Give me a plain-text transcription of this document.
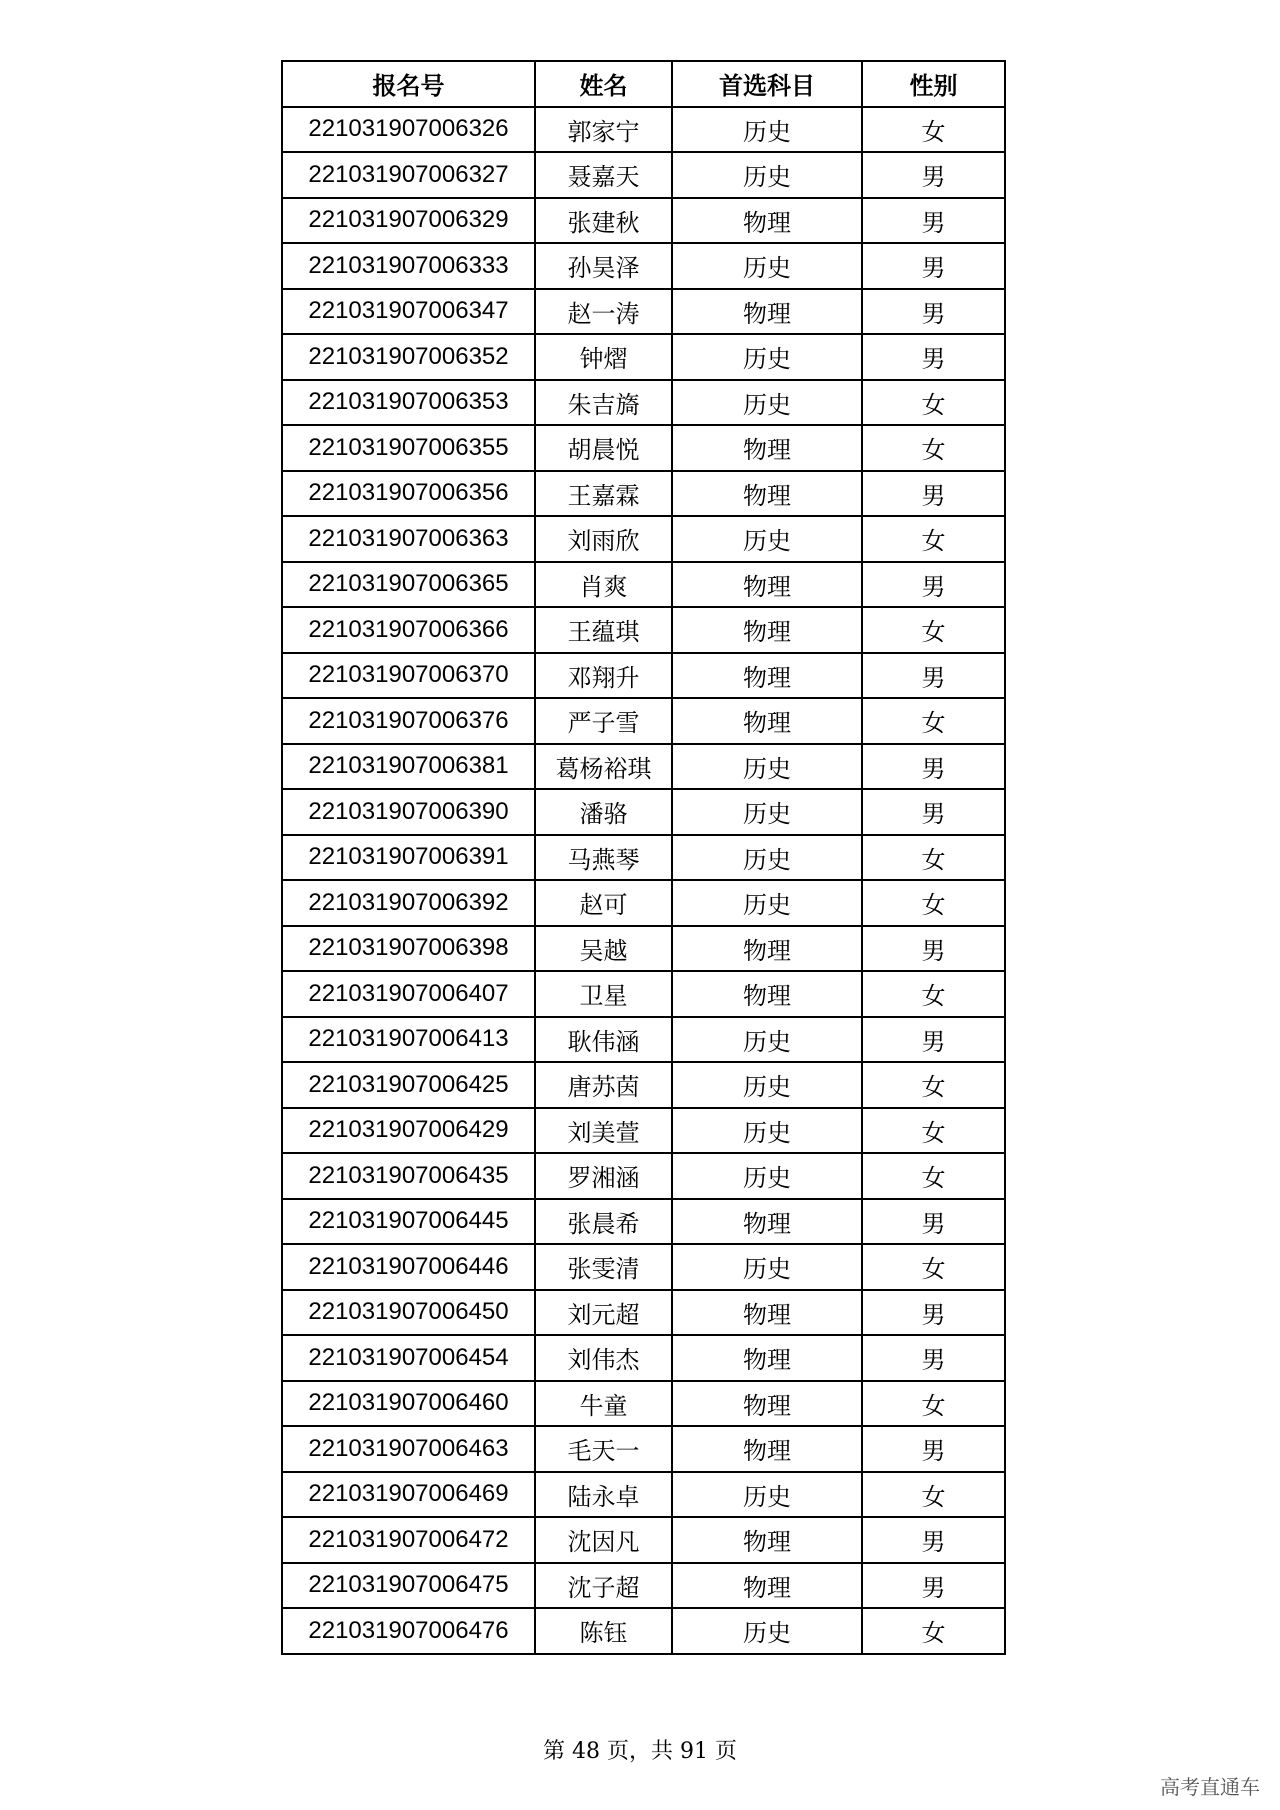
报名号	姓名	首选科目	性别
221031907006326	郭家宁	历史	女
221031907006327	聂嘉天	历史	男
221031907006329	张建秋	物理	男
221031907006333	孙昊泽	历史	男
221031907006347	赵一涛	物理	男
221031907006352	钟熠	历史	男
221031907006353	朱吉旖	历史	女
221031907006355	胡晨悦	物理	女
221031907006356	王嘉霖	物理	男
221031907006363	刘雨欣	历史	女
221031907006365	肖爽	物理	男
221031907006366	王蕴琪	物理	女
221031907006370	邓翔升	物理	男
221031907006376	严子雪	物理	女
221031907006381	葛杨裕琪	历史	男
221031907006390	潘骆	历史	男
221031907006391	马燕琴	历史	女
221031907006392	赵可	历史	女
221031907006398	吴越	物理	男
221031907006407	卫星	物理	女
221031907006413	耿伟涵	历史	男
221031907006425	唐苏茵	历史	女
221031907006429	刘美萱	历史	女
221031907006435	罗湘涵	历史	女
221031907006445	张晨希	物理	男
221031907006446	张雯清	历史	女
221031907006450	刘元超	物理	男
221031907006454	刘伟杰	物理	男
221031907006460	牛童	物理	女
221031907006463	毛天一	物理	男
221031907006469	陆永卓	历史	女
221031907006472	沈因凡	物理	男
221031907006475	沈子超	物理	男
221031907006476	陈钰	历史	女
第 48 页，共 91 页
高考直通车
